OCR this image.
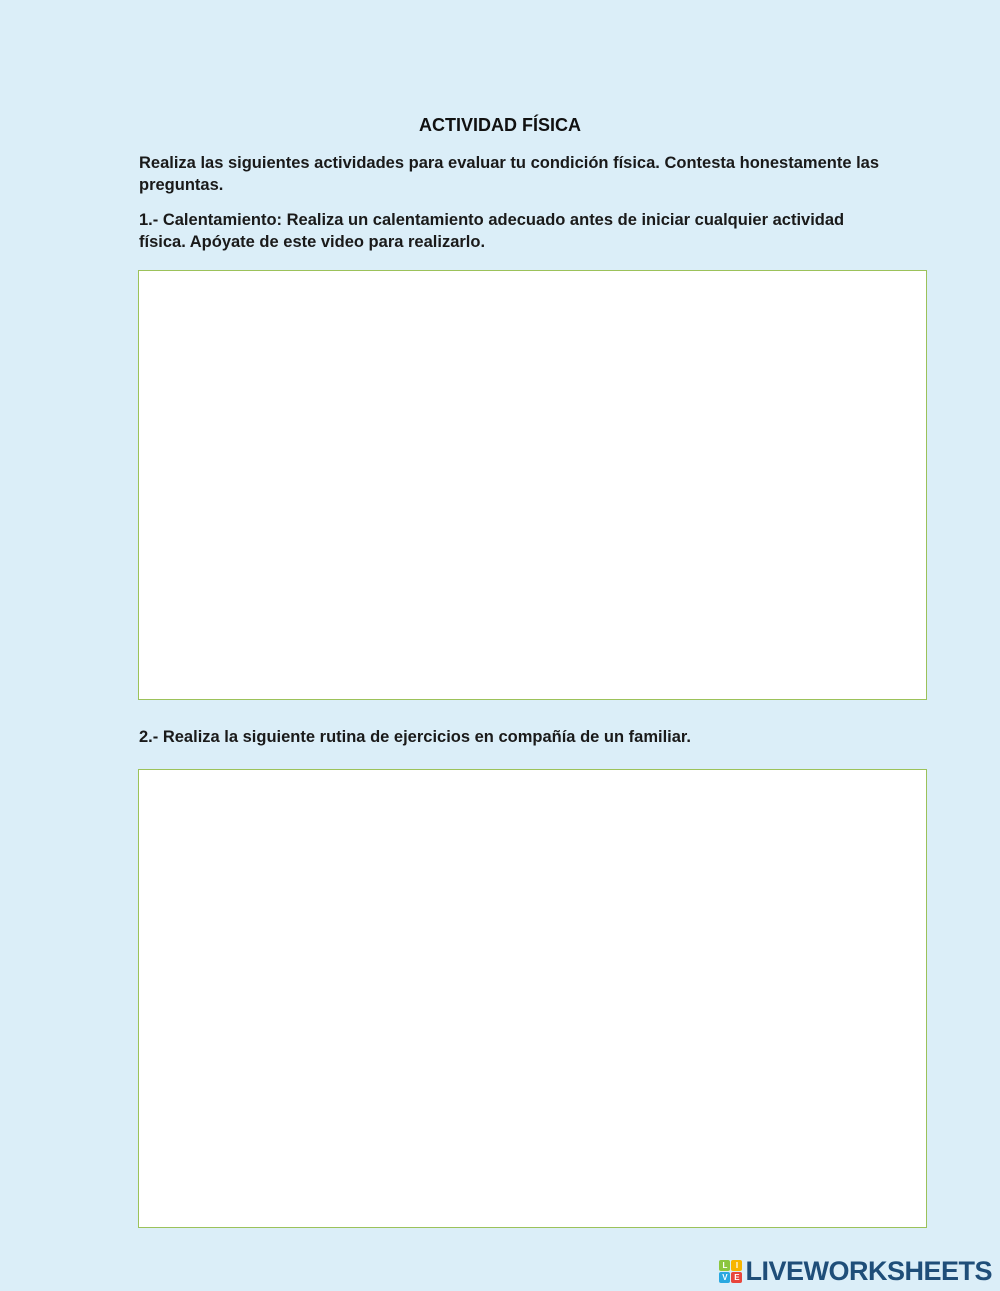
ACTIVIDAD FÍSICA
Realiza las siguientes actividades para evaluar tu condición física. Contesta honestamente las preguntas.
1.- Calentamiento: Realiza un calentamiento adecuado antes de iniciar cualquier actividad física. Apóyate de este video para realizarlo.
2.- Realiza la siguiente rutina de ejercicios en compañía de un familiar.
L	I
V E LIVEWORKSHEETS
